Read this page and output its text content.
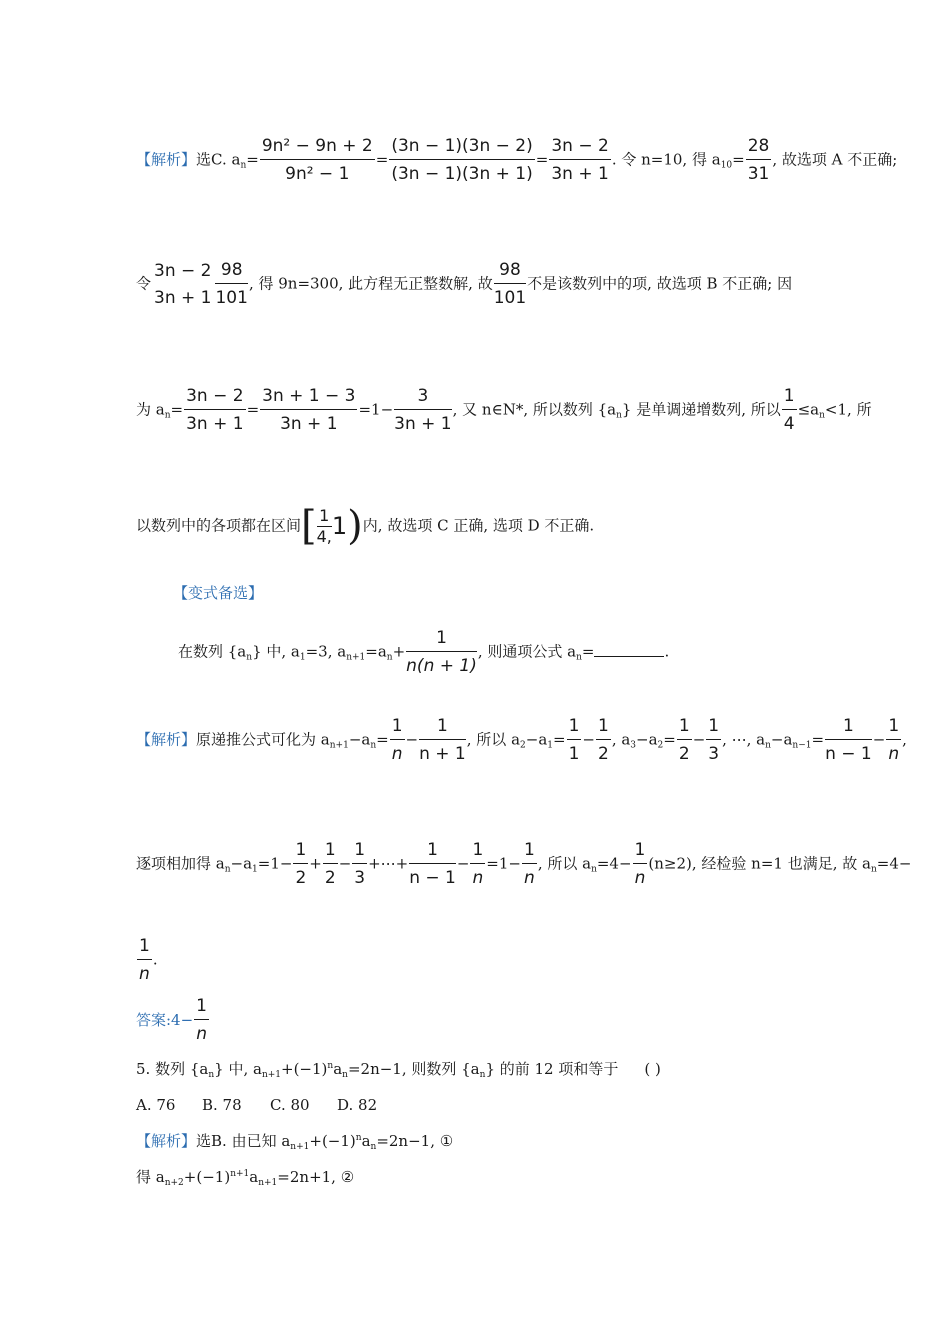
【解析】选C. $a_n= \frac{\text{9n² − 9n + 2}}{\text{9n² − 1}} = \frac{(3n - 1)(3n - 2)}{(3n - 1)(3n + 1)} = \frac{3n - 2}{3n + 1}$ . 令 n=10, 得 $a_{10}= \frac{28}{31}$ , 故选项 A 不正确;
令
3n − 2
$3n + 1 \frac{98}{101}$ , 得 9n=300, 此方程无正整数解, 故 $\frac{98}{101}$ 不是该数列中的项, 故选项 B 不正确; 因
为 $a_n= \frac{3n - 2}{3n + 1} = \frac{3n + 1 - 3}{3n + 1} =1- \frac{3}{3n + 1}$ , 又 n∈N*, 所以数列 $\{a_n\}$ 是单调递增数列, 所以 $\frac{1}{4} \le a_n<1$, 所
以数列中的各项都在区间[ $\frac{1}{4,} 1$)内, 故选项 C 正确, 选项 D 不正确.
【变式备选】
在数列 $\{a_n\}$ 中, $a_1=3$, $a_{n+1}=a_n+ \frac{1}{n(n + 1)}$ , 则通项公式 $a_n=$	.
【解析】原递推公式可化为 $a_{n+1}-a_n= \frac{1}{n} - \frac{1}{n + 1}$ , 所以 $a_2-a_1= \frac{1}{1} - \frac{1}{2}$ , $a_3-a_2= \frac{1}{2} - \frac{1}{3}$ , ⋯, $a_n-a_{n-1}= \frac{1}{n - 1} - \frac{1}{n}$ ,
逐项相加得 $a_n-a_1=1- \frac{1}{2} + \frac{1}{2} - \frac{1}{3}$ +⋯+ $\frac{1}{n - 1} - \frac{1}{n} =1- \frac{1}{n}$ , 所以 $a_n=4- \frac{1}{n} (n\ge 2)$, 经检验 n=1 也满足, 故 $a_n=4-$
$\frac{1}{n}$ .
答案:4− $\frac{1}{n}$
5. 数列 $\{a_n\}$ 中, $a_{n+1}+(-1)^na_n=2n-1$, 则数列 $\{a_n\}$ 的前 12 项和等于 ( )
A. 76 B. 78 C. 80 D. 82
【解析】选B. 由已知 $a_{n+1}+(-1)^na_n=2n-1$, ①
得 $a_{n+2}+(-1)^{n+1}a_{n+1}=2n+1$, ②
